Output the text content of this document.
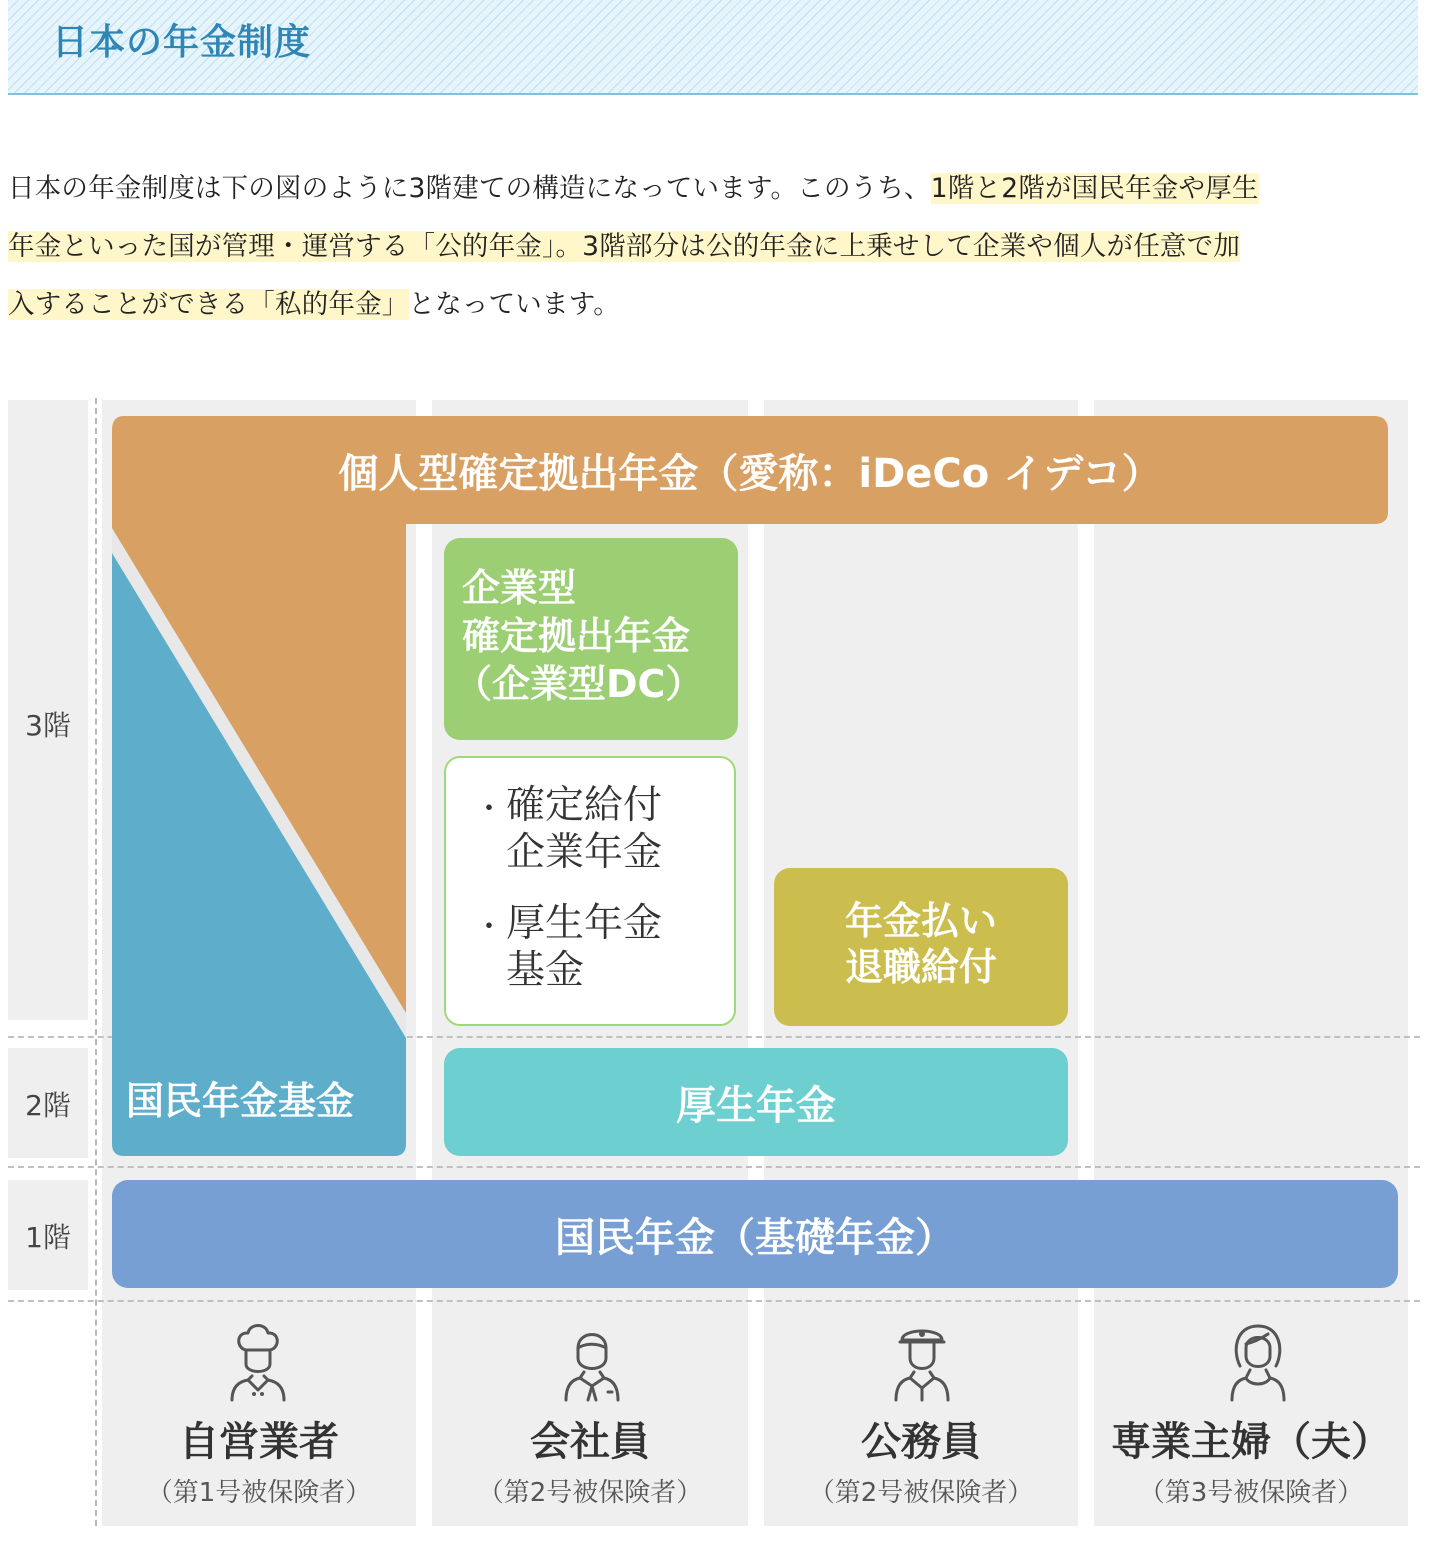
日本の年金制度
日本の年金制度は下の図のように3階建ての構造になっています。このうち、1階と2階が国民年金や厚生
年金といった国が管理・運営する「公的年金」。3階部分は公的年金に上乗せして企業や個人が任意で加
入することができる「私的年金」となっています。
3階
2階
1階
個人型確定拠出年金（愛称：iDeCo イデコ）
企業型
確定拠出年金
（企業型DC）
・ 確定給付
企業年金
・ 厚生年金
基金
年金払い
退職給付
国民年金基金	厚生年金
国民年金（基礎年金）
自営業者
（第1号被保険者）
会社員
（第2号被保険者）
公務員
（第2号被保険者）
専業主婦（夫）
（第3号被保険者）
